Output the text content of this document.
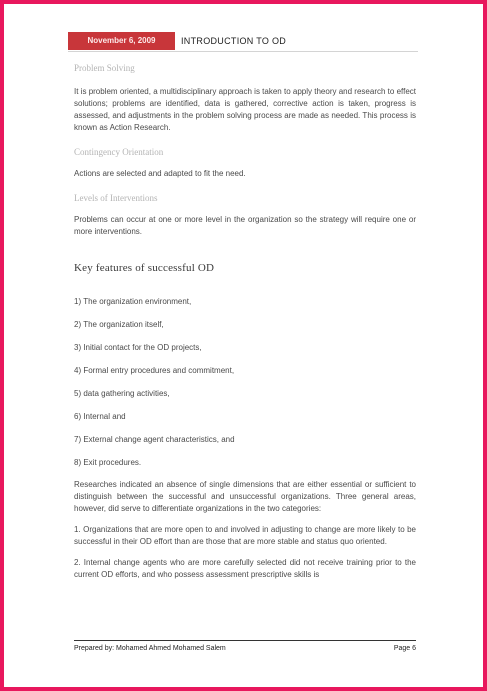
November 6, 2009	INTRODUCTION TO OD

Problem Solving

It is problem oriented, a multidisciplinary approach is taken to apply theory and research to effect solutions; problems are identified, data is gathered, corrective action is taken, progress is assessed, and adjustments in the problem solving process are made as needed. This process is known as Action Research.

Contingency Orientation

Actions are selected and adapted to fit the need.

Levels of Interventions

Problems can occur at one or more level in the organization so the strategy will require one or more interventions.

Key features of successful OD

1) The organization environment,

2) The organization itself,

3) Initial contact for the OD projects,

4) Formal entry procedures and commitment,

5) data gathering activities,

6) Internal and

7) External change agent characteristics, and

8) Exit procedures.

Researches indicated an absence of single dimensions that are either essential or sufficient to distinguish between the successful and unsuccessful organizations. Three general areas, however, did serve to differentiate organizations in the two categories:

1. Organizations that are more open to and involved in adjusting to change are more likely to be successful in their OD effort than are those that are more stable and status quo oriented.

2. Internal change agents who are more carefully selected did not receive training prior to the current OD efforts, and who possess assessment prescriptive skills is

Prepared by: Mohamed Ahmed Mohamed Salem	Page 6
